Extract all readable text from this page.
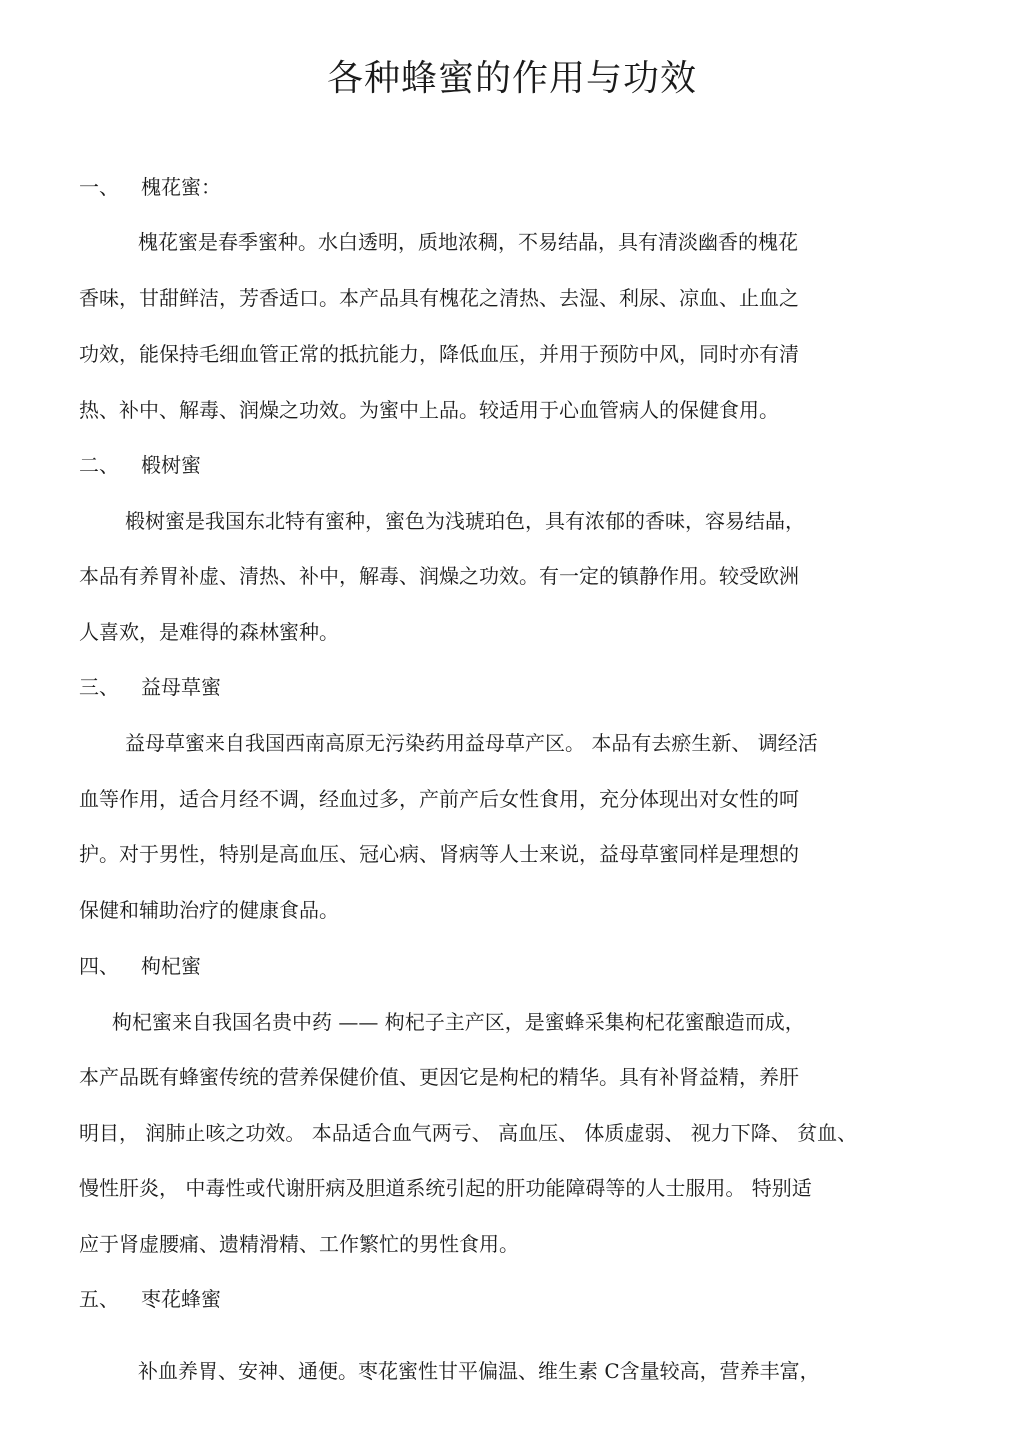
各种蜂蜜的作用与功效
一、 槐花蜜：
槐花蜜是春季蜜种。水白透明，质地浓稠，不易结晶，具有清淡幽香的槐花
香味，甘甜鲜洁，芳香适口。本产品具有槐花之清热、去湿、利尿、凉血、止血之
功效，能保持毛细血管正常的抵抗能力，降低血压，并用于预防中风，同时亦有清
热、补中、解毒、润燥之功效。为蜜中上品。较适用于心血管病人的保健食用。
二、 椴树蜜
椴树蜜是我国东北特有蜜种，蜜色为浅琥珀色，具有浓郁的香味，容易结晶，
本品有养胃补虚、清热、补中，解毒、润燥之功效。有一定的镇静作用。较受欧洲
人喜欢，是难得的森林蜜种。
三、 益母草蜜
益母草蜜来自我国西南高原无污染药用益母草产区。 本品有去瘀生新、 调经活
血等作用，适合月经不调，经血过多，产前产后女性食用，充分体现出对女性的呵
护。对于男性，特别是高血压、冠心病、肾病等人士来说，益母草蜜同样是理想的
保健和辅助治疗的健康食品。
四、 枸杞蜜
枸杞蜜来自我国名贵中药 —— 枸杞子主产区，是蜜蜂采集枸杞花蜜酿造而成，
本产品既有蜂蜜传统的营养保健价值、更因它是枸杞的精华。具有补肾益精，养肝
明目， 润肺止咳之功效。 本品适合血气两亏、 高血压、 体质虚弱、 视力下降、 贫血、
慢性肝炎， 中毒性或代谢肝病及胆道系统引起的肝功能障碍等的人士服用。 特别适
应于肾虚腰痛、遗精滑精、工作繁忙的男性食用。
五、 枣花蜂蜜
补血养胃、安神、通便。枣花蜜性甘平偏温、维生素 C含量较高，营养丰富，
